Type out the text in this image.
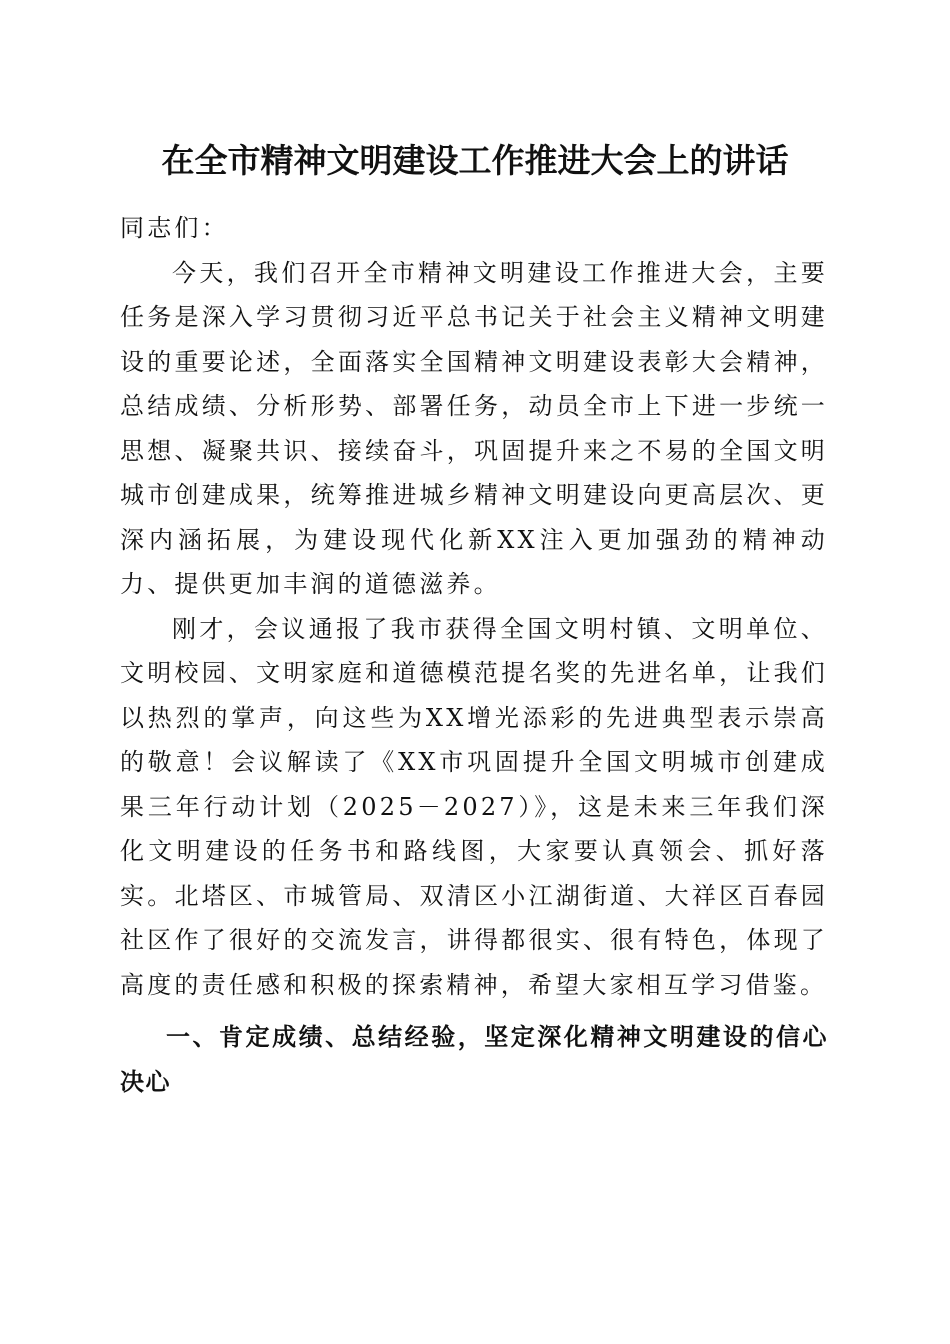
在全市精神文明建设工作推进大会上的讲话

同志们：

今天，我们召开全市精神文明建设工作推进大会，主要任务是深入学习贯彻习近平总书记关于社会主义精神文明建设的重要论述，全面落实全国精神文明建设表彰大会精神，总结成绩、分析形势、部署任务，动员全市上下进一步统一思想、凝聚共识、接续奋斗，巩固提升来之不易的全国文明城市创建成果，统筹推进城乡精神文明建设向更高层次、更深内涵拓展，为建设现代化新XX注入更加强劲的精神动力、提供更加丰润的道德滋养。

刚才，会议通报了我市获得全国文明村镇、文明单位、文明校园、文明家庭和道德模范提名奖的先进名单，让我们以热烈的掌声，向这些为XX增光添彩的先进典型表示崇高的敬意！会议解读了《XX市巩固提升全国文明城市创建成果三年行动计划（2025－2027）》，这是未来三年我们深化文明建设的任务书和路线图，大家要认真领会、抓好落实。北塔区、市城管局、双清区小江湖街道、大祥区百春园社区作了很好的交流发言，讲得都很实、很有特色，体现了高度的责任感和积极的探索精神，希望大家相互学习借鉴。

一、肯定成绩、总结经验，坚定深化精神文明建设的信心决心
